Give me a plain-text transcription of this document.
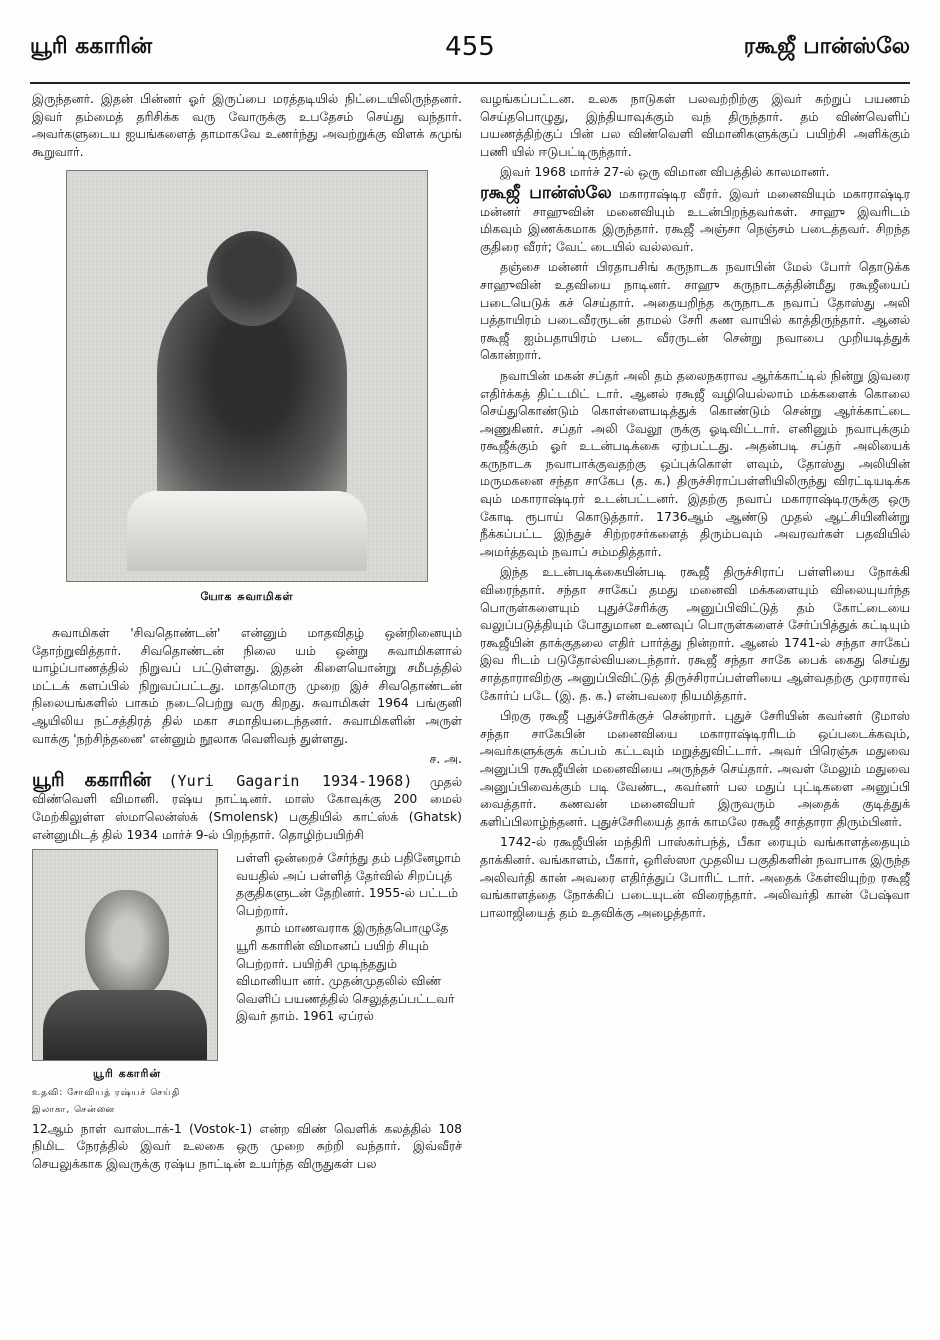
யூரி ககாரின்	455	ரகூஜீ பான்ஸ்லே

இருந்தனர். இதன் பின்னர் ஓர் இருப்பை மரத்தடியில் நிட்டையிலிருந்தனர். இவர் தம்மைத் தரிசிக்க வரு வோருக்கு உபதேசம் செய்து வந்தார். அவர்களுடைய ஐயங்களைத் தாமாகவே உணர்ந்து அவற்றுக்கு விளக் கமுங் கூறுவார்.

யோக சுவாமிகள்

சுவாமிகள் 'சிவதொண்டன்' என்னும் மாதவிதழ் ஒன்றினையும் தோற்றுவித்தார். சிவதொண்டன் நிலை யம் ஒன்று சுவாமிகளால் யாழ்ப்பாணத்தில் நிறுவப் பட்டுள்ளது. இதன் கிளையொன்று சமீபத்தில் மட்டக் களப்பில் நிறுவப்பட்டது. மாதமொரு முறை இச் சிவதொண்டன் நிலையங்களில் பாகம் நடைபெற்று வரு கிறது. சுவாமிகள் 1964 பங்குனி ஆயிலிய நட்சத்திரத் தில் மகா சமாதியடைந்தனர். சுவாமிகளின் அருள் வாக்கு 'நற்சிந்தனை' என்னும் நூலாக வெளிவந் துள்ளது.

ச. அ.

யூரி ககாரின் (Yuri Gagarin 1934-1968) முதல் விண்வெளி விமானி. ரஷ்ய நாட்டினர். மாஸ் கோவுக்கு 200 மைல் மேற்கிலுள்ள ஸ்மாலென்ஸ்க் (Smolensk) பகுதியில் காட்ஸ்க் (Ghatsk) என்னுமிடத் தில் 1934 மார்ச் 9-ல் பிறந்தார். தொழிற்பயிற்சி

யூரி ககாரின்
உதவி: சோவியத் ரஷ்யச் செய்தி இலாகா, சென்னை

பள்ளி ஒன்றைச் சேர்ந்து தம் பதினேழாம் வயதில் அப் பள்ளித் தேர்வில் சிறப்புத் தகுதிகளுடன் தேறினர். 1955-ல் பட்டம் பெற்றார்.

தாம் மாணவராக இருந்தபொழுதே யூரி ககாரின் விமானப் பயிற் சியும் பெற்றார். பயிற்சி முடிந்ததும் விமானியா னர். முதன்முதலில் விண் வெளிப் பயணத்தில் செலுத்தப்பட்டவர் இவர் தாம். 1961 ஏப்ரல்

12ஆம் நாள் வாஸ்டாக்-1 (Vostok-1) என்ற விண் வெளிக் கலத்தில் 108 நிமிட நேரத்தில் இவர் உலகை ஒரு முறை சுற்றி வந்தார். இவ்வீரச் செயலுக்காக இவருக்கு ரஷ்ய நாட்டின் உயர்ந்த விருதுகள் பல

வழங்கப்பட்டன. உலக நாடுகள் பலவற்றிற்கு இவர் சுற்றுப் பயணம் செய்தபொழுது, இந்தியாவுக்கும் வந் திருந்தார். தம் விண்வெளிப் பயணத்திற்குப் பின் பல விண்வெளி விமானிகளுக்குப் பயிற்சி அளிக்கும் பணி யில் ஈடுபட்டிருந்தார்.

இவர் 1968 மார்ச் 27-ல் ஒரு விமான விபத்தில் காலமானர்.

ரகூஜீ பான்ஸ்லே மகாராஷ்டிர வீரர். இவர் மனைவியும் மகாராஷ்டிர மன்னர் சாஹுவின் மனைவியும் உடன்பிறந்தவர்கள். சாஹு இவரிடம் மிகவும் இணக்கமாக இருந்தார். ரகூஜீ அஞ்சா நெஞ்சம் படைத்தவர். சிறந்த குதிரை வீரர்; வேட் டையில் வல்லவர்.

தஞ்சை மன்னர் பிரதாபசிங் கருநாடக நவாபின் மேல் போர் தொடுக்க சாஹுவின் உதவியை நாடினர். சாஹு கருநாடகத்தின்மீது ரகூஜீயைப் படையெடுக் கச் செய்தார். அதையறிந்த கருநாடக நவாப் தோஸ்து அலி பத்தாயிரம் படைவீரருடன் தாமல் சேரி கண வாயில் காத்திருந்தார். ஆனல் ரகூஜீ ஐம்பதாயிரம் படை வீரருடன் சென்று நவாபை முறியடித்துக் கொன்றார்.

நவாபின் மகன் சப்தர் அலி தம் தலைநகராவ ஆர்க்காட்டில் நின்று இவரை எதிர்க்கத் திட்டமிட் டார். ஆனல் ரகூஜீ வழியெல்லாம் மக்களைக் கொலை செய்துகொண்டும் கொள்ளையடித்துக் கொண்டும் சென்று ஆர்க்காட்டை அணுகினர். சப்தர் அலி வேலூ ருக்கு ஓடிவிட்டார். எனினும் நவாபுக்கும் ரகூஜீக்கும் ஓர் உடன்படிக்கை ஏற்பட்டது. அதன்படி சப்தர் அலியைக் கருநாடக நவாபாக்குவதற்கு ஒப்புக்கொள் ளவும், தோஸ்து அலியின் மருமகனை சந்தா சாகேப (த. க.) திருச்சிராப்பள்ளியிலிருந்து விரட்டியடிக்க வும் மகாராஷ்டிரர் உடன்பட்டனர். இதற்கு நவாப் மகாராஷ்டிரருக்கு ஒரு கோடி ரூபாய் கொடுத்தார். 1736ஆம் ஆண்டு முதல் ஆட்சியினின்று நீக்கப்பட்ட இந்துச் சிற்றரசர்களைத் திரும்பவும் அவரவர்கள் பதவியில் அமர்த்தவும் நவாப் சம்மதித்தார்.

இந்த உடன்படிக்கையின்படி ரகூஜீ திருச்சிராப் பள்ளியை நோக்கி விரைந்தார். சந்தா சாகேப் தமது மனைவி மக்களையும் விலையுயர்ந்த பொருள்களையும் புதுச்சேரிக்கு அனுப்பிவிட்டுத் தம் கோட்டையை வலுப்படுத்தியும் போதுமான உணவுப் பொருள்களைச் சேர்ப்பித்துக் கட்டியும் ரகூஜீயின் தாக்குதலை எதிர் பார்த்து நின்றார். ஆனல் 1741-ல் சந்தா சாகேப் இவ ரிடம் படுதோல்வியடைந்தார். ரகூஜீ சந்தா சாகே பைக் கைது செய்து சாத்தாராவிற்கு அனுப்பிவிட்டுத் திருச்சிராப்பள்ளியை ஆள்வதற்கு முராராவ் கோர்ப் படே (இ. த. க.) என்பவரை நியமித்தார்.

பிறகு ரகூஜீ புதுச்சேரிக்குச் சென்றார். புதுச் சேரியின் கவர்னர் டூமாஸ் சந்தா சாகேபின் மனைவியை மகாராஷ்டிரரிடம் ஒப்படைக்கவும், அவர்களுக்குக் கப்பம் கட்டவும் மறுத்துவிட்டார். அவர் பிரெஞ்சு மதுவை அனுப்பி ரகூஜீயின் மனைவியை அருந்தச் செய்தார். அவள் மேலும் மதுவை அனுப்பிவைக்கும் படி வேண்ட, கவர்னர் பல மதுப் புட்டிகளை அனுப்பி வைத்தார். கணவன் மனைவியர் இருவரும் அதைக் குடித்துக் களிப்பிலாழ்ந்தனர். புதுச்சேரியைத் தாக் காமலே ரகூஜீ சாத்தாரா திரும்பினர்.

1742-ல் ரகூஜீயின் மந்திரி பாஸ்கர்பந்த், பீகா ரையும் வங்காளத்தையும் தாக்கினர். வங்காளம், பீகார், ஒரிஸ்ஸா முதலிய பகுதிகளின் நவாபாக இருந்த அலிவர்தி கான் அவரை எதிர்த்துப் போரிட் டார். அதைக் கேள்வியுற்ற ரகூஜீ வங்காளத்தை நோக்கிப் படையுடன் விரைந்தார். அலிவர்தி கான் பேஷ்வா பாலாஜியைத் தம் உதவிக்கு அழைத்தார்.
